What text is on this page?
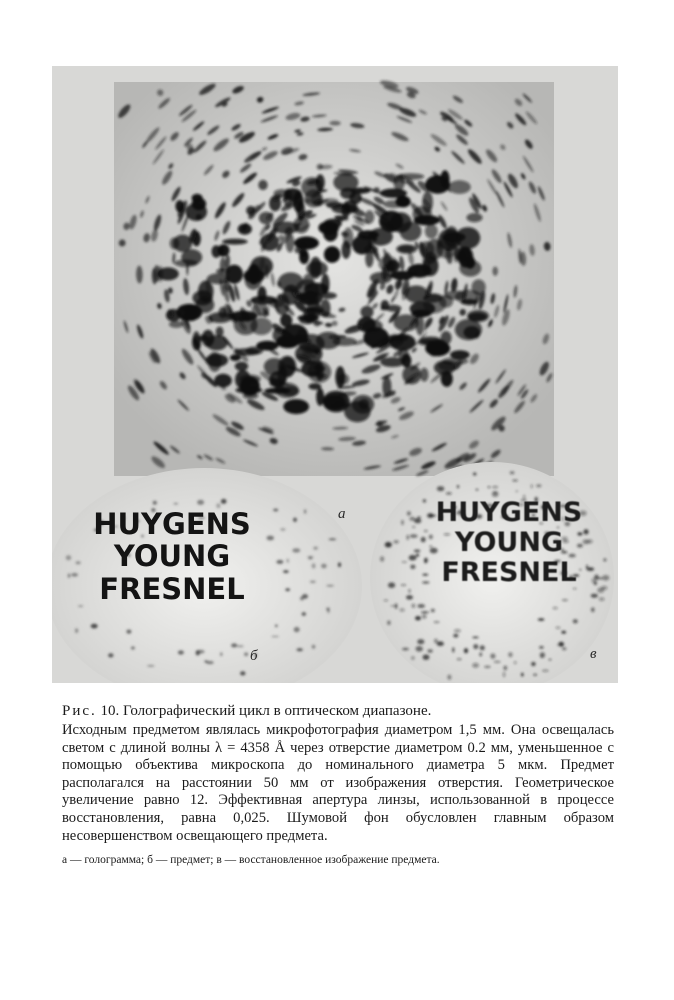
а
б	в
HUYGENS
YOUNG
FRESNEL
HUYGENS
YOUNG
FRESNEL
Рис. 10. Голографический цикл в оптическом диапазоне.
Исходным предметом являлась микрофотография диаметром 1,5 мм. Она освещалась светом с длиной волны λ = 4358 Å через отверстие диаметром 0.2 мм, уменьшенное с помощью объектива микроскопа до номинального диаметра 5 мкм. Предмет располагался на расстоянии 50 мм от изображения отверстия. Геометрическое увеличение равно 12. Эффективная апертура линзы, использованной в процессе восстановления, равна 0,025. Шумовой фон обусловлен главным образом несовершенством освещающего предмета.
а — голограмма; б — предмет; в — восстановленное изображение предмета.
